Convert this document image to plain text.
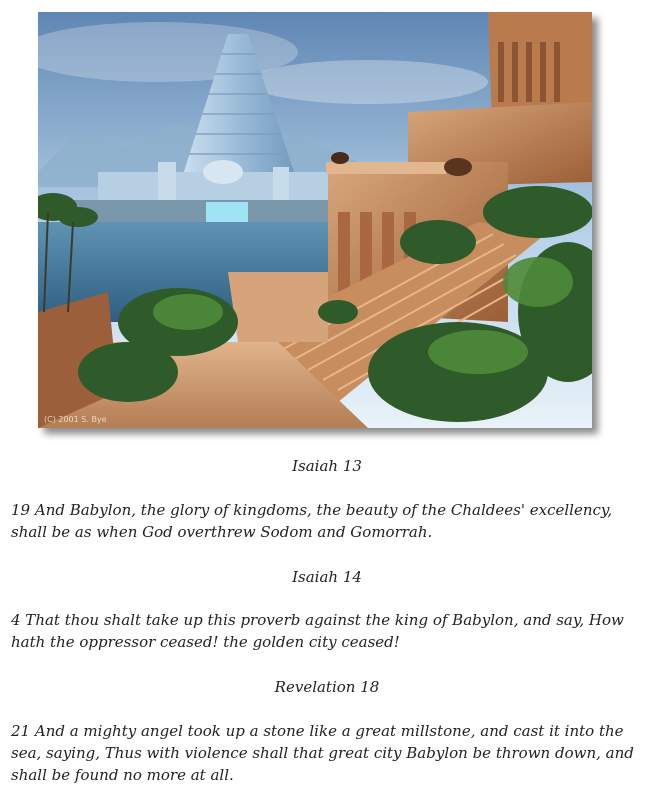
(C) 2001 S. Bye
Isaiah 13
19 And Babylon, the glory of kingdoms, the beauty of the Chaldees' excellency, shall be as when God overthrew Sodom and Gomorrah.
Isaiah 14
4 That thou shalt take up this proverb against the king of Babylon, and say, How hath the oppressor ceased! the golden city ceased!
Revelation 18
21 And a mighty angel took up a stone like a great millstone, and cast it into the sea, saying, Thus with violence shall that great city Babylon be thrown down, and shall be found no more at all.
